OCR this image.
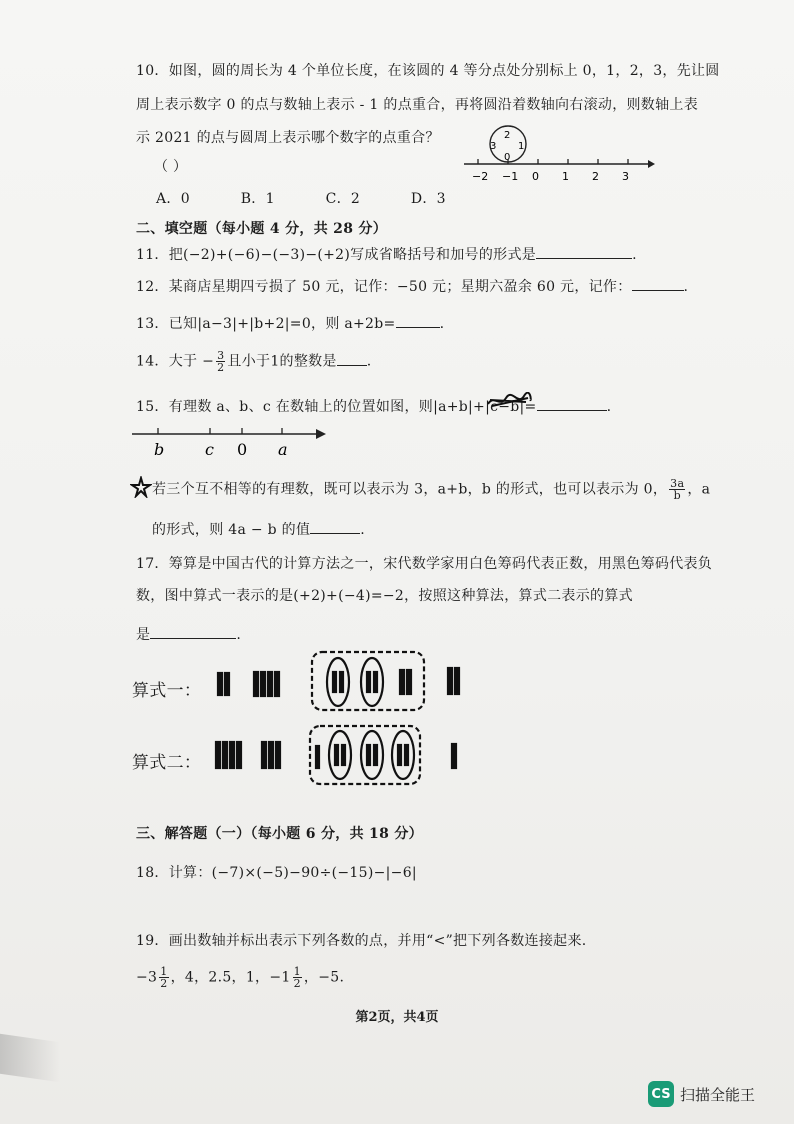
10．如图，圆的周长为 4 个单位长度，在该圆的 4 等分点处分别标上 0，1，2，3，先让圆
周上表示数字 0 的点与数轴上表示 - 1 的点重合，再将圆沿着数轴向右滚动，则数轴上表
示 2021 的点与圆周上表示哪个数字的点重合？
（ ）
A．0	B．1	C．2	D．3
2
3 1
0
−2 −1 0 1 2 3
二、填空题（每小题 4 分，共 28 分）
11．把(−2)+(−6)−(−3)−(+2)写成省略括号和加号的形式是	.
12．某商店星期四亏损了 50 元，记作：−50 元；星期六盈余 60 元，记作：	.
13．已知|a−3|+|b+2|=0，则 a+2b=	.
14．大于 − $\frac{3}{2}$ 且小于1的整数是 .
15．有理数 a、b、c 在数轴上的位置如图，则|a+b|+|c−b|=	.
b	c 0 a
若三个互不相等的有理数，既可以表示为 3，a+b，b 的形式，也可以表示为 0， $\frac{3a}{b}$ ，a
的形式，则 4a − b 的值	.
17．筹算是中国古代的计算方法之一，宋代数学家用白色筹码代表正数，用黑色筹码代表负
数，图中算式一表示的是(+2)+(−4)=−2，按照这种算法，算式二表示的算式
是	.
算式一：
算式二：
三、解答题（一）（每小题 6 分，共 18 分）
18．计算：(−7)×(−5)−90÷(−15)−|−6|
19．画出数轴并标出表示下列各数的点，并用“<”把下列各数连接起来.
$-3 \frac{1}{2}$ ，4，2.5，1，$-1 \frac{1}{2}$ ，−5.
第2页，共4页
CS 扫描全能王
